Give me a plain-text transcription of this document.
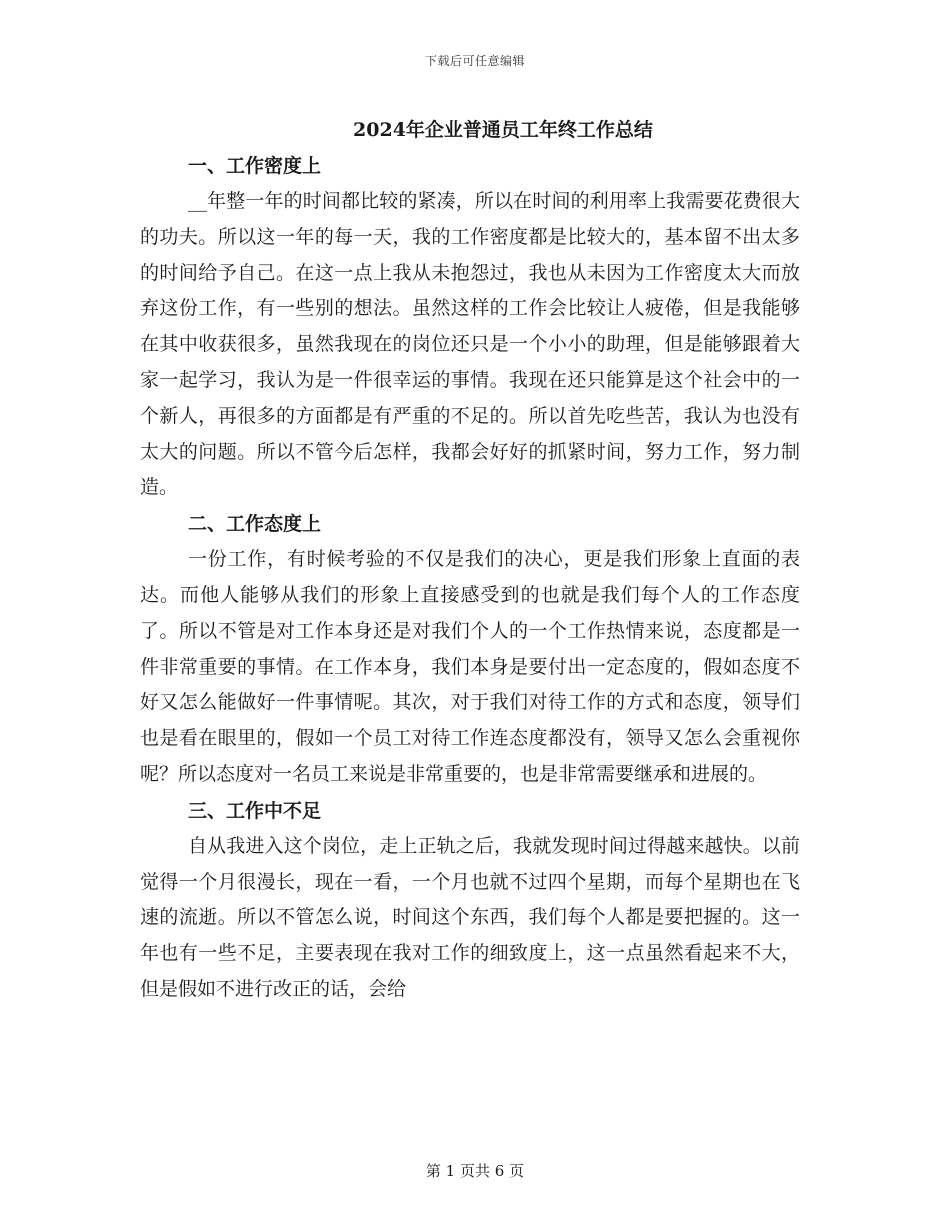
下载后可任意编辑
2024年企业普通员工年终工作总结
一、工作密度上

__年整一年的时间都比较的紧凑，所以在时间的利用率上我需要花费很大的功夫。所以这一年的每一天，我的工作密度都是比较大的，基本留不出太多的时间给予自己。在这一点上我从未抱怨过，我也从未因为工作密度太大而放弃这份工作，有一些别的想法。虽然这样的工作会比较让人疲倦，但是我能够在其中收获很多，虽然我现在的岗位还只是一个小小的助理，但是能够跟着大家一起学习，我认为是一件很幸运的事情。我现在还只能算是这个社会中的一个新人，再很多的方面都是有严重的不足的。所以首先吃些苦，我认为也没有太大的问题。所以不管今后怎样，我都会好好的抓紧时间，努力工作，努力制造。

二、工作态度上

一份工作，有时候考验的不仅是我们的决心，更是我们形象上直面的表达。而他人能够从我们的形象上直接感受到的也就是我们每个人的工作态度了。所以不管是对工作本身还是对我们个人的一个工作热情来说，态度都是一件非常重要的事情。在工作本身，我们本身是要付出一定态度的，假如态度不好又怎么能做好一件事情呢。其次，对于我们对待工作的方式和态度，领导们也是看在眼里的，假如一个员工对待工作连态度都没有，领导又怎么会重视你呢？所以态度对一名员工来说是非常重要的，也是非常需要继承和进展的。

三、工作中不足

自从我进入这个岗位，走上正轨之后，我就发现时间过得越来越快。以前觉得一个月很漫长，现在一看，一个月也就不过四个星期，而每个星期也在飞速的流逝。所以不管怎么说，时间这个东西，我们每个人都是要把握的。这一年也有一些不足，主要表现在我对工作的细致度上，这一点虽然看起来不大，但是假如不进行改正的话，会给

第 1 页共 6 页
